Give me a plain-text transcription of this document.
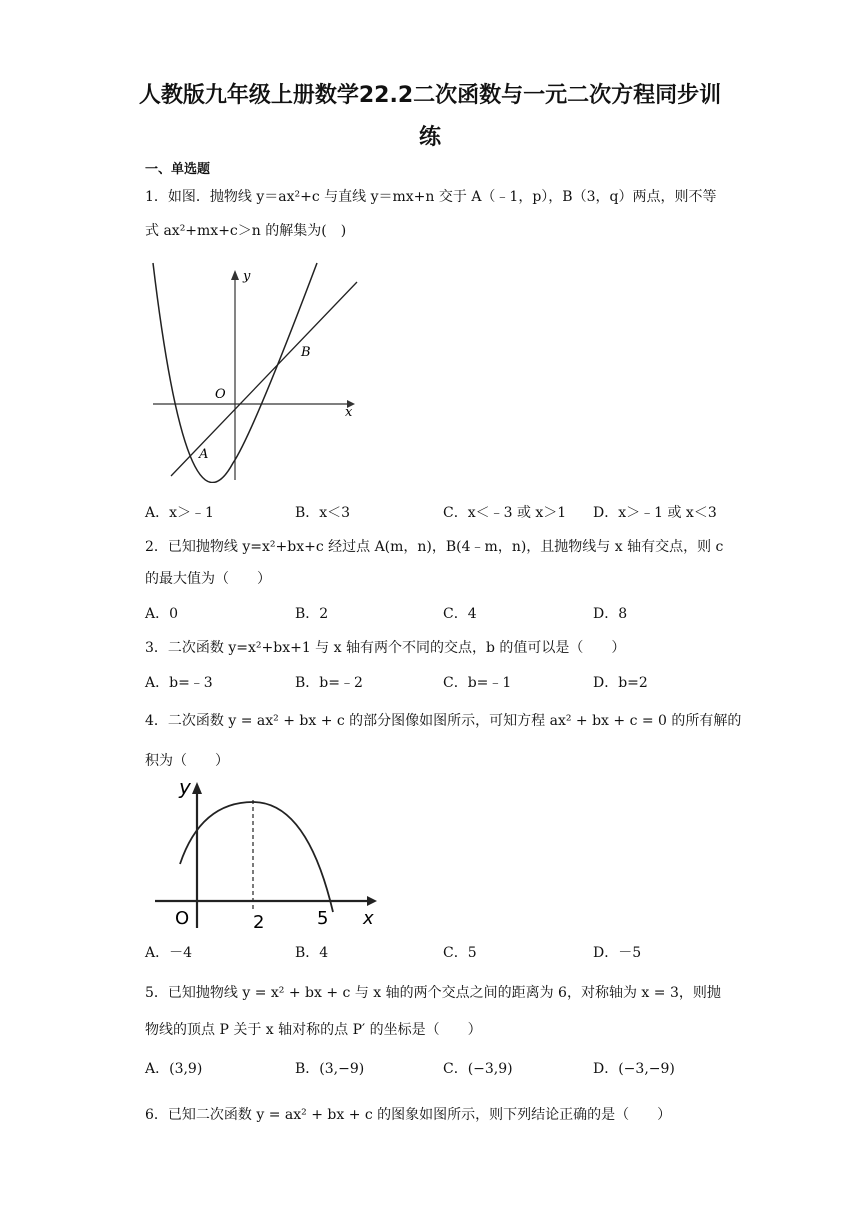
人教版九年级上册数学22.2二次函数与一元二次方程同步训
练
一、单选题
1．如图．抛物线 y＝ax²+c 与直线 y＝mx+n 交于 A（﹣1，p），B（3，q）两点，则不等
式 ax²+mx+c＞n 的解集为(　)
y
x
O
A
B
A．x＞﹣1	B．x＜3	C．x＜﹣3 或 x＞1 D．x＞﹣1 或 x＜3
2．已知抛物线 y=x²+bx+c 经过点 A(m，n)，B(4﹣m，n)，且抛物线与 x 轴有交点，则 c
的最大值为（　　）
A．0	B．2	C．4	D．8
3．二次函数 y=x²+bx+1 与 x 轴有两个不同的交点，b 的值可以是（　　）
A．b=﹣3	B．b=﹣2	C．b=﹣1	D．b=2
4．二次函数 y = ax² + bx + c 的部分图像如图所示，可知方程 ax² + bx + c = 0 的所有解的
积为（　　）
y
O	2	5 x
A．－4	B．4	C．5	D．－5
5．已知抛物线 y = x² + bx + c 与 x 轴的两个交点之间的距离为 6，对称轴为 x = 3，则抛
物线的顶点 P 关于 x 轴对称的点 P′ 的坐标是（　　）
A．(3,9)	B．(3,−9)	C．(−3,9)	D．(−3,−9)
6．已知二次函数 y = ax² + bx + c 的图象如图所示，则下列结论正确的是（　　）
